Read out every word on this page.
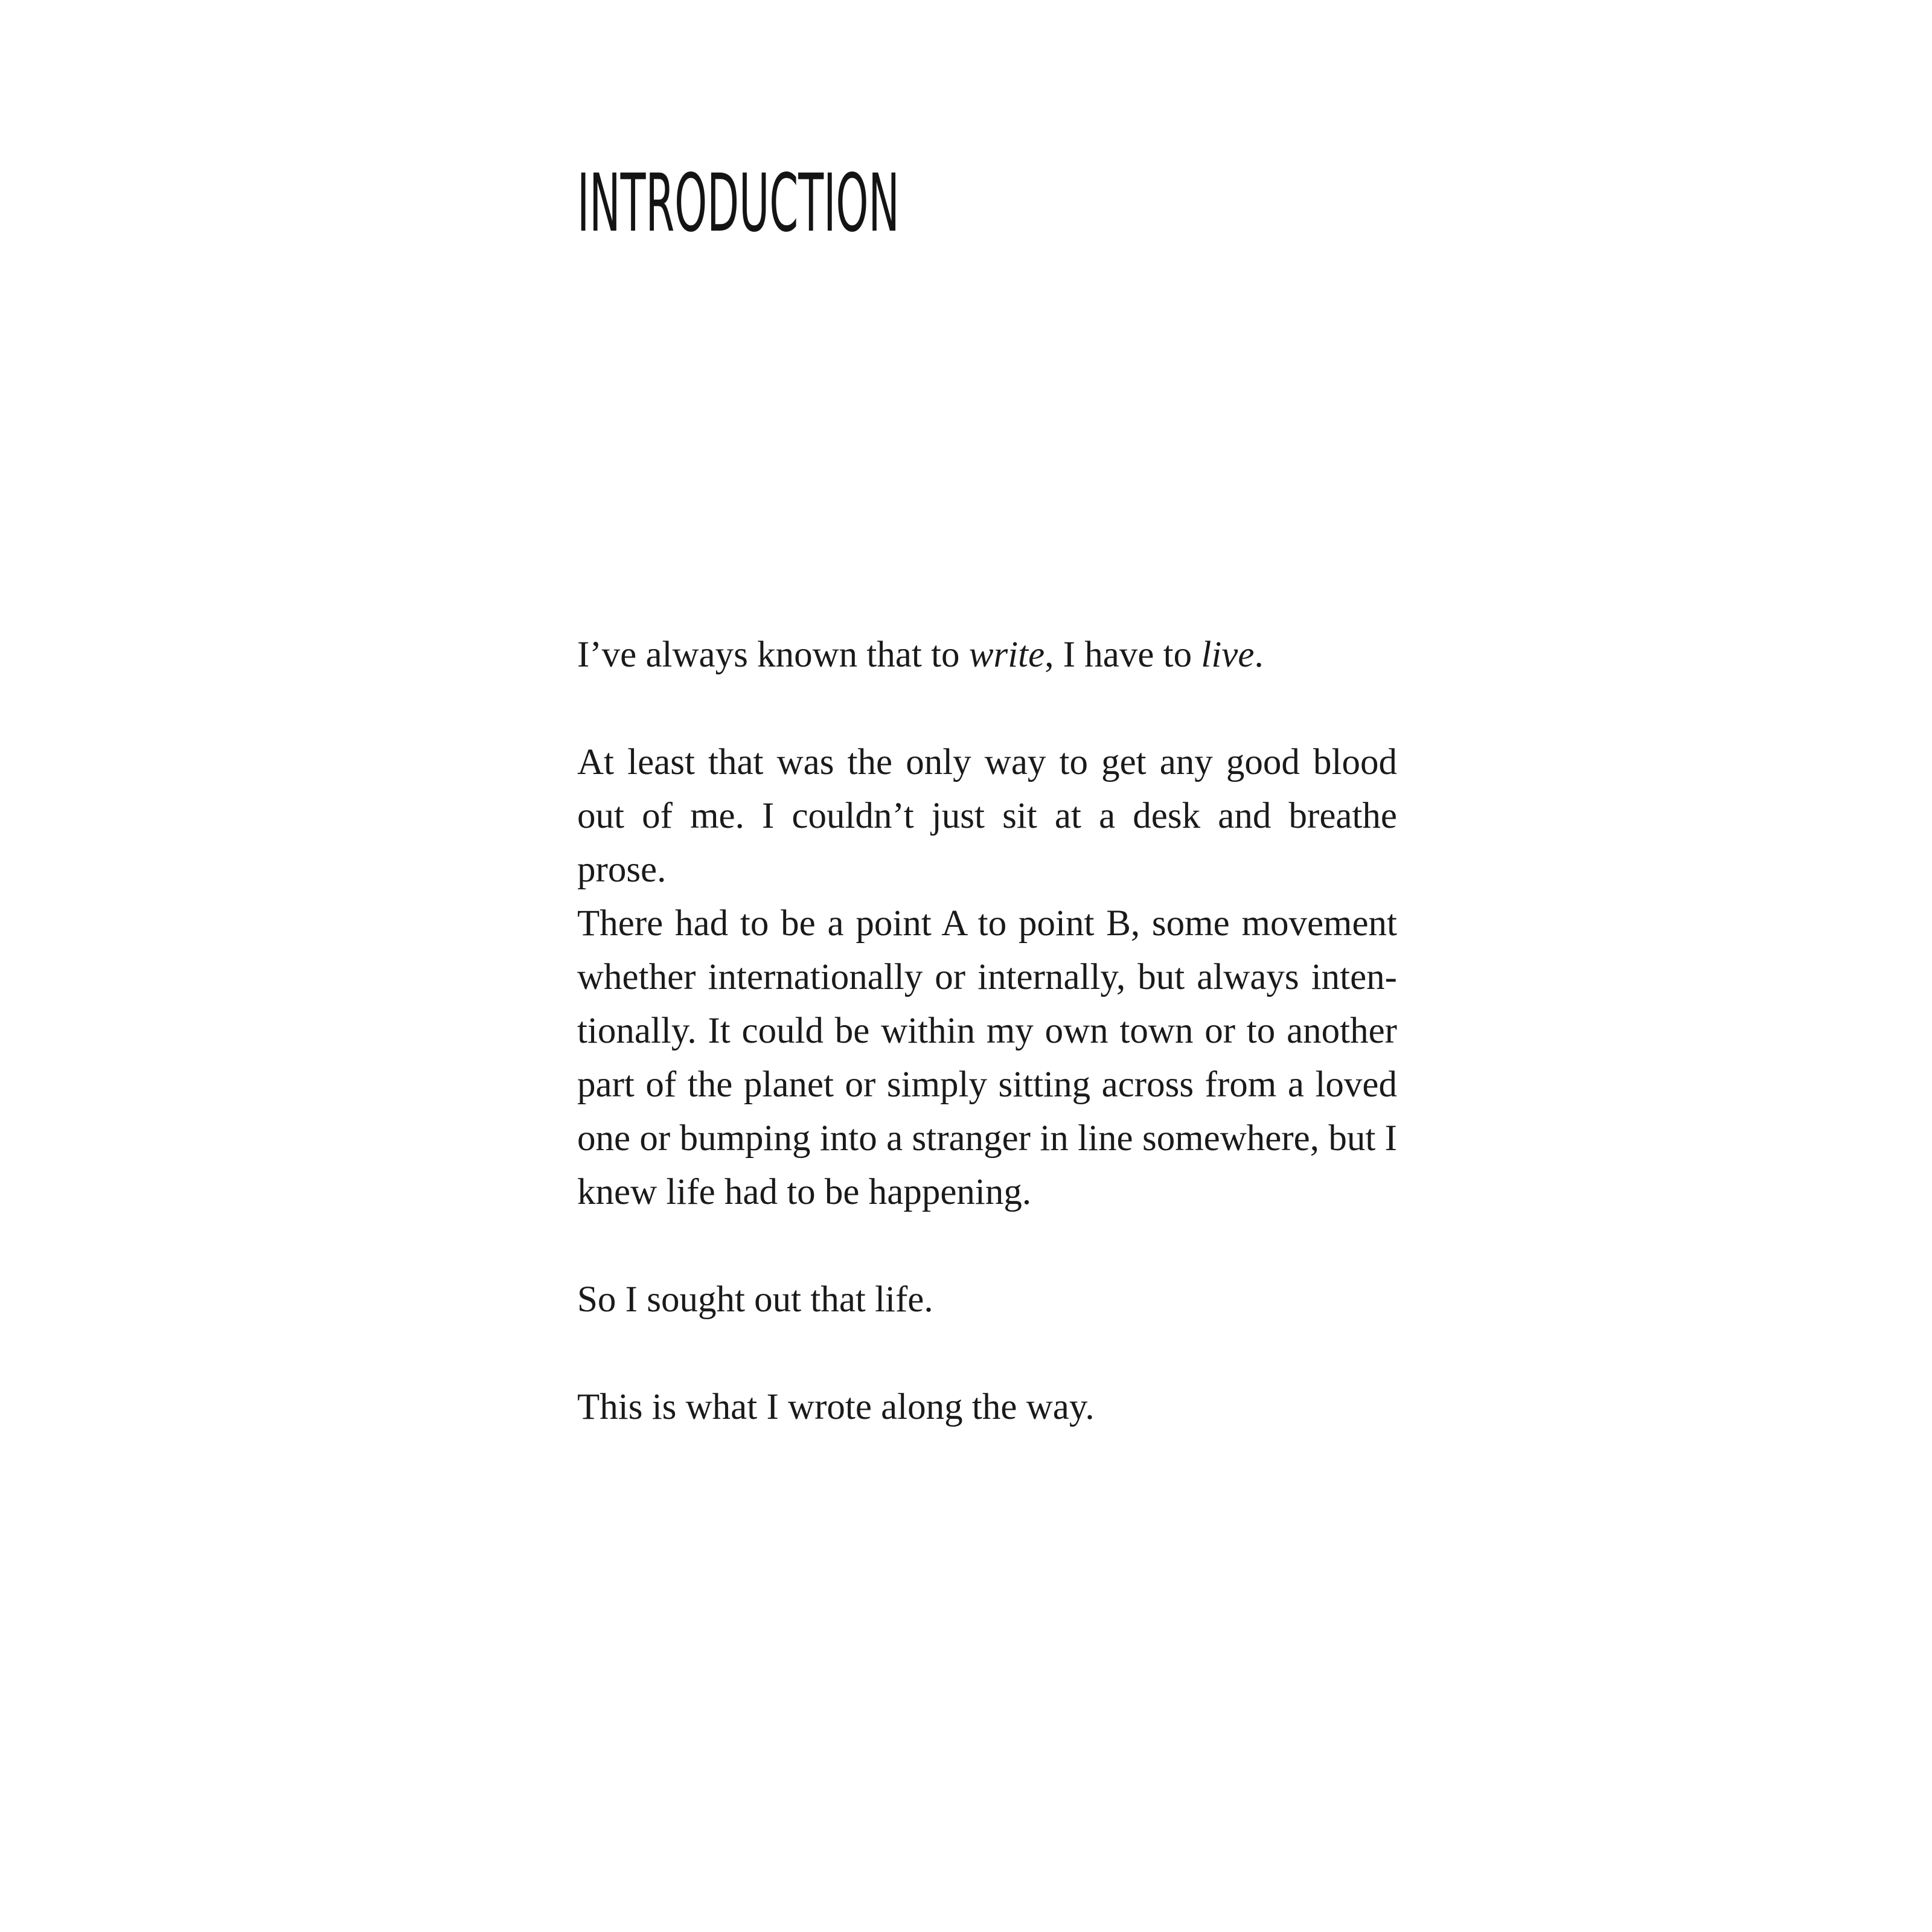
INTRODUCTION

I’ve always known that to write, I have to live.

At least that was the only way to get any good blood
out of me. I couldn’t just sit at a desk and breathe prose.
There had to be a point A to point B, some movement
whether internationally or internally, but always inten-
tionally. It could be within my own town or to another
part of the planet or simply sitting across from a loved
one or bumping into a stranger in line somewhere, but I
knew life had to be happening.

So I sought out that life.

This is what I wrote along the way.
